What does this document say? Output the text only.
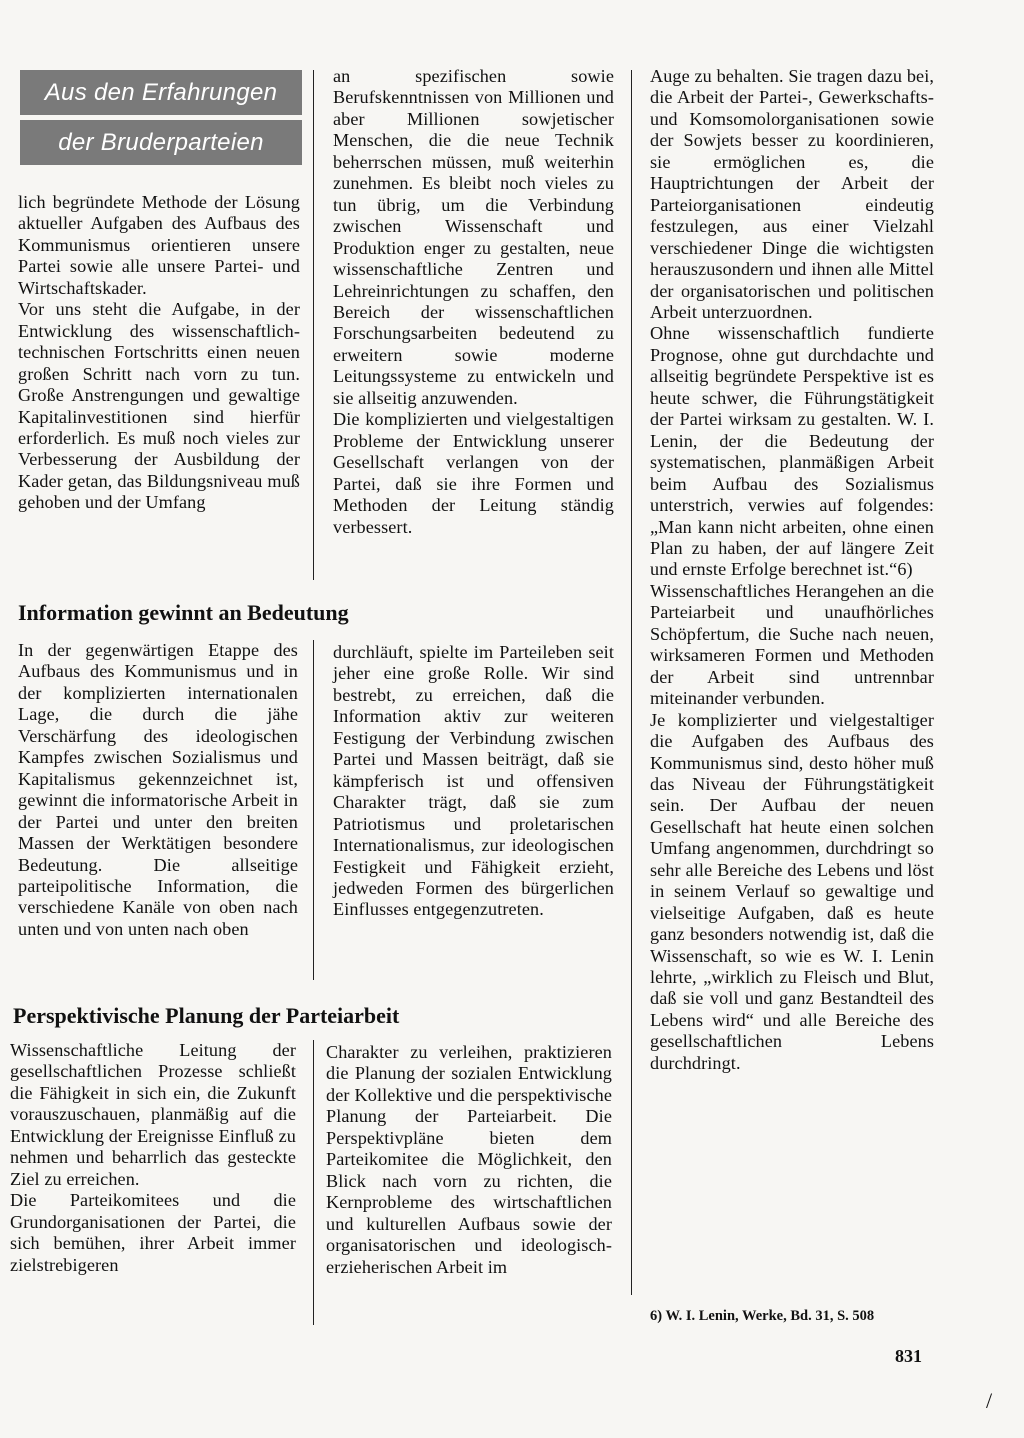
Aus den Erfahrungen
der Bruderparteien

lich begründete Methode der Lösung aktueller Aufgaben des Aufbaus des Kommunismus orientieren unsere Partei sowie alle unsere Partei- und Wirtschaftskader.

Vor uns steht die Aufgabe, in der Entwicklung des wissenschaftlich-technischen Fortschritts einen neuen großen Schritt nach vorn zu tun. Große Anstrengungen und gewaltige Kapitalinvestitionen sind hierfür erforderlich. Es muß noch vieles zur Verbesserung der Ausbildung der Kader getan, das Bildungsniveau muß gehoben und der Umfang

an spezifischen sowie Berufskenntnissen von Millionen und aber Millionen sowjetischer Menschen, die die neue Technik beherrschen müssen, muß weiterhin zunehmen. Es bleibt noch vieles zu tun übrig, um die Verbindung zwischen Wissenschaft und Produktion enger zu gestalten, neue wissenschaftliche Zentren und Lehreinrichtungen zu schaffen, den Bereich der wissenschaftlichen Forschungsarbeiten bedeutend zu erweitern sowie moderne Leitungssysteme zu entwickeln und sie allseitig anzuwenden.

Die komplizierten und vielgestaltigen Probleme der Entwicklung unserer Gesellschaft verlangen von der Partei, daß sie ihre Formen und Methoden der Leitung ständig verbessert.

Information gewinnt an Bedeutung

In der gegenwärtigen Etappe des Aufbaus des Kommunismus und in der komplizierten internationalen Lage, die durch die jähe Verschärfung des ideologischen Kampfes zwischen Sozialismus und Kapitalismus gekennzeichnet ist, gewinnt die informatorische Arbeit in der Partei und unter den breiten Massen der Werktätigen besondere Bedeutung. Die allseitige parteipolitische Information, die verschiedene Kanäle von oben nach unten und von unten nach oben

durchläuft, spielte im Parteileben seit jeher eine große Rolle. Wir sind bestrebt, zu erreichen, daß die Information aktiv zur weiteren Festigung der Verbindung zwischen Partei und Massen beiträgt, daß sie kämpferisch ist und offensiven Charakter trägt, daß sie zum Patriotismus und proletarischen Internationalismus, zur ideologischen Festigkeit und Fähigkeit erzieht, jedweden Formen des bürgerlichen Einflusses entgegenzutreten.

Perspektivische Planung der Parteiarbeit

Wissenschaftliche Leitung der gesellschaftlichen Prozesse schließt die Fähigkeit in sich ein, die Zukunft vorauszuschauen, planmäßig auf die Entwicklung der Ereignisse Einfluß zu nehmen und beharrlich das gesteckte Ziel zu erreichen.

Die Parteikomitees und die Grundorganisationen der Partei, die sich bemühen, ihrer Arbeit immer zielstrebigeren

Charakter zu verleihen, praktizieren die Planung der sozialen Entwicklung der Kollektive und die perspektivische Planung der Parteiarbeit. Die Perspektivpläne bieten dem Parteikomitee die Möglichkeit, den Blick nach vorn zu richten, die Kernprobleme des wirtschaftlichen und kulturellen Aufbaus sowie der organisatorischen und ideologisch-erzieherischen Arbeit im

Auge zu behalten. Sie tragen dazu bei, die Arbeit der Partei-, Gewerkschafts- und Komsomolorganisationen sowie der Sowjets besser zu koordinieren, sie ermöglichen es, die Hauptrichtungen der Arbeit der Parteiorganisationen eindeutig festzulegen, aus einer Vielzahl verschiedener Dinge die wichtigsten herauszusondern und ihnen alle Mittel der organisatorischen und politischen Arbeit unterzuordnen.

Ohne wissenschaftlich fundierte Prognose, ohne gut durchdachte und allseitig begründete Perspektive ist es heute schwer, die Führungstätigkeit der Partei wirksam zu gestalten. W. I. Lenin, der die Bedeutung der systematischen, planmäßigen Arbeit beim Aufbau des Sozialismus unterstrich, verwies auf folgendes: „Man kann nicht arbeiten, ohne einen Plan zu haben, der auf längere Zeit und ernste Erfolge berechnet ist.“6)

Wissenschaftliches Herangehen an die Parteiarbeit und unaufhörliches Schöpfertum, die Suche nach neuen, wirksameren Formen und Methoden der Arbeit sind untrennbar miteinander verbunden.

Je komplizierter und vielgestaltiger die Aufgaben des Aufbaus des Kommunismus sind, desto höher muß das Niveau der Führungstätigkeit sein. Der Aufbau der neuen Gesellschaft hat heute einen solchen Umfang angenommen, durchdringt so sehr alle Bereiche des Lebens und löst in seinem Verlauf so gewaltige und vielseitige Aufgaben, daß es heute ganz besonders notwendig ist, daß die Wissenschaft, so wie es W. I. Lenin lehrte, „wirklich zu Fleisch und Blut, daß sie voll und ganz Bestandteil des Lebens wird“ und alle Bereiche des gesellschaftlichen Lebens durchdringt.

6) W. I. Lenin, Werke, Bd. 31, S. 508
831
/
